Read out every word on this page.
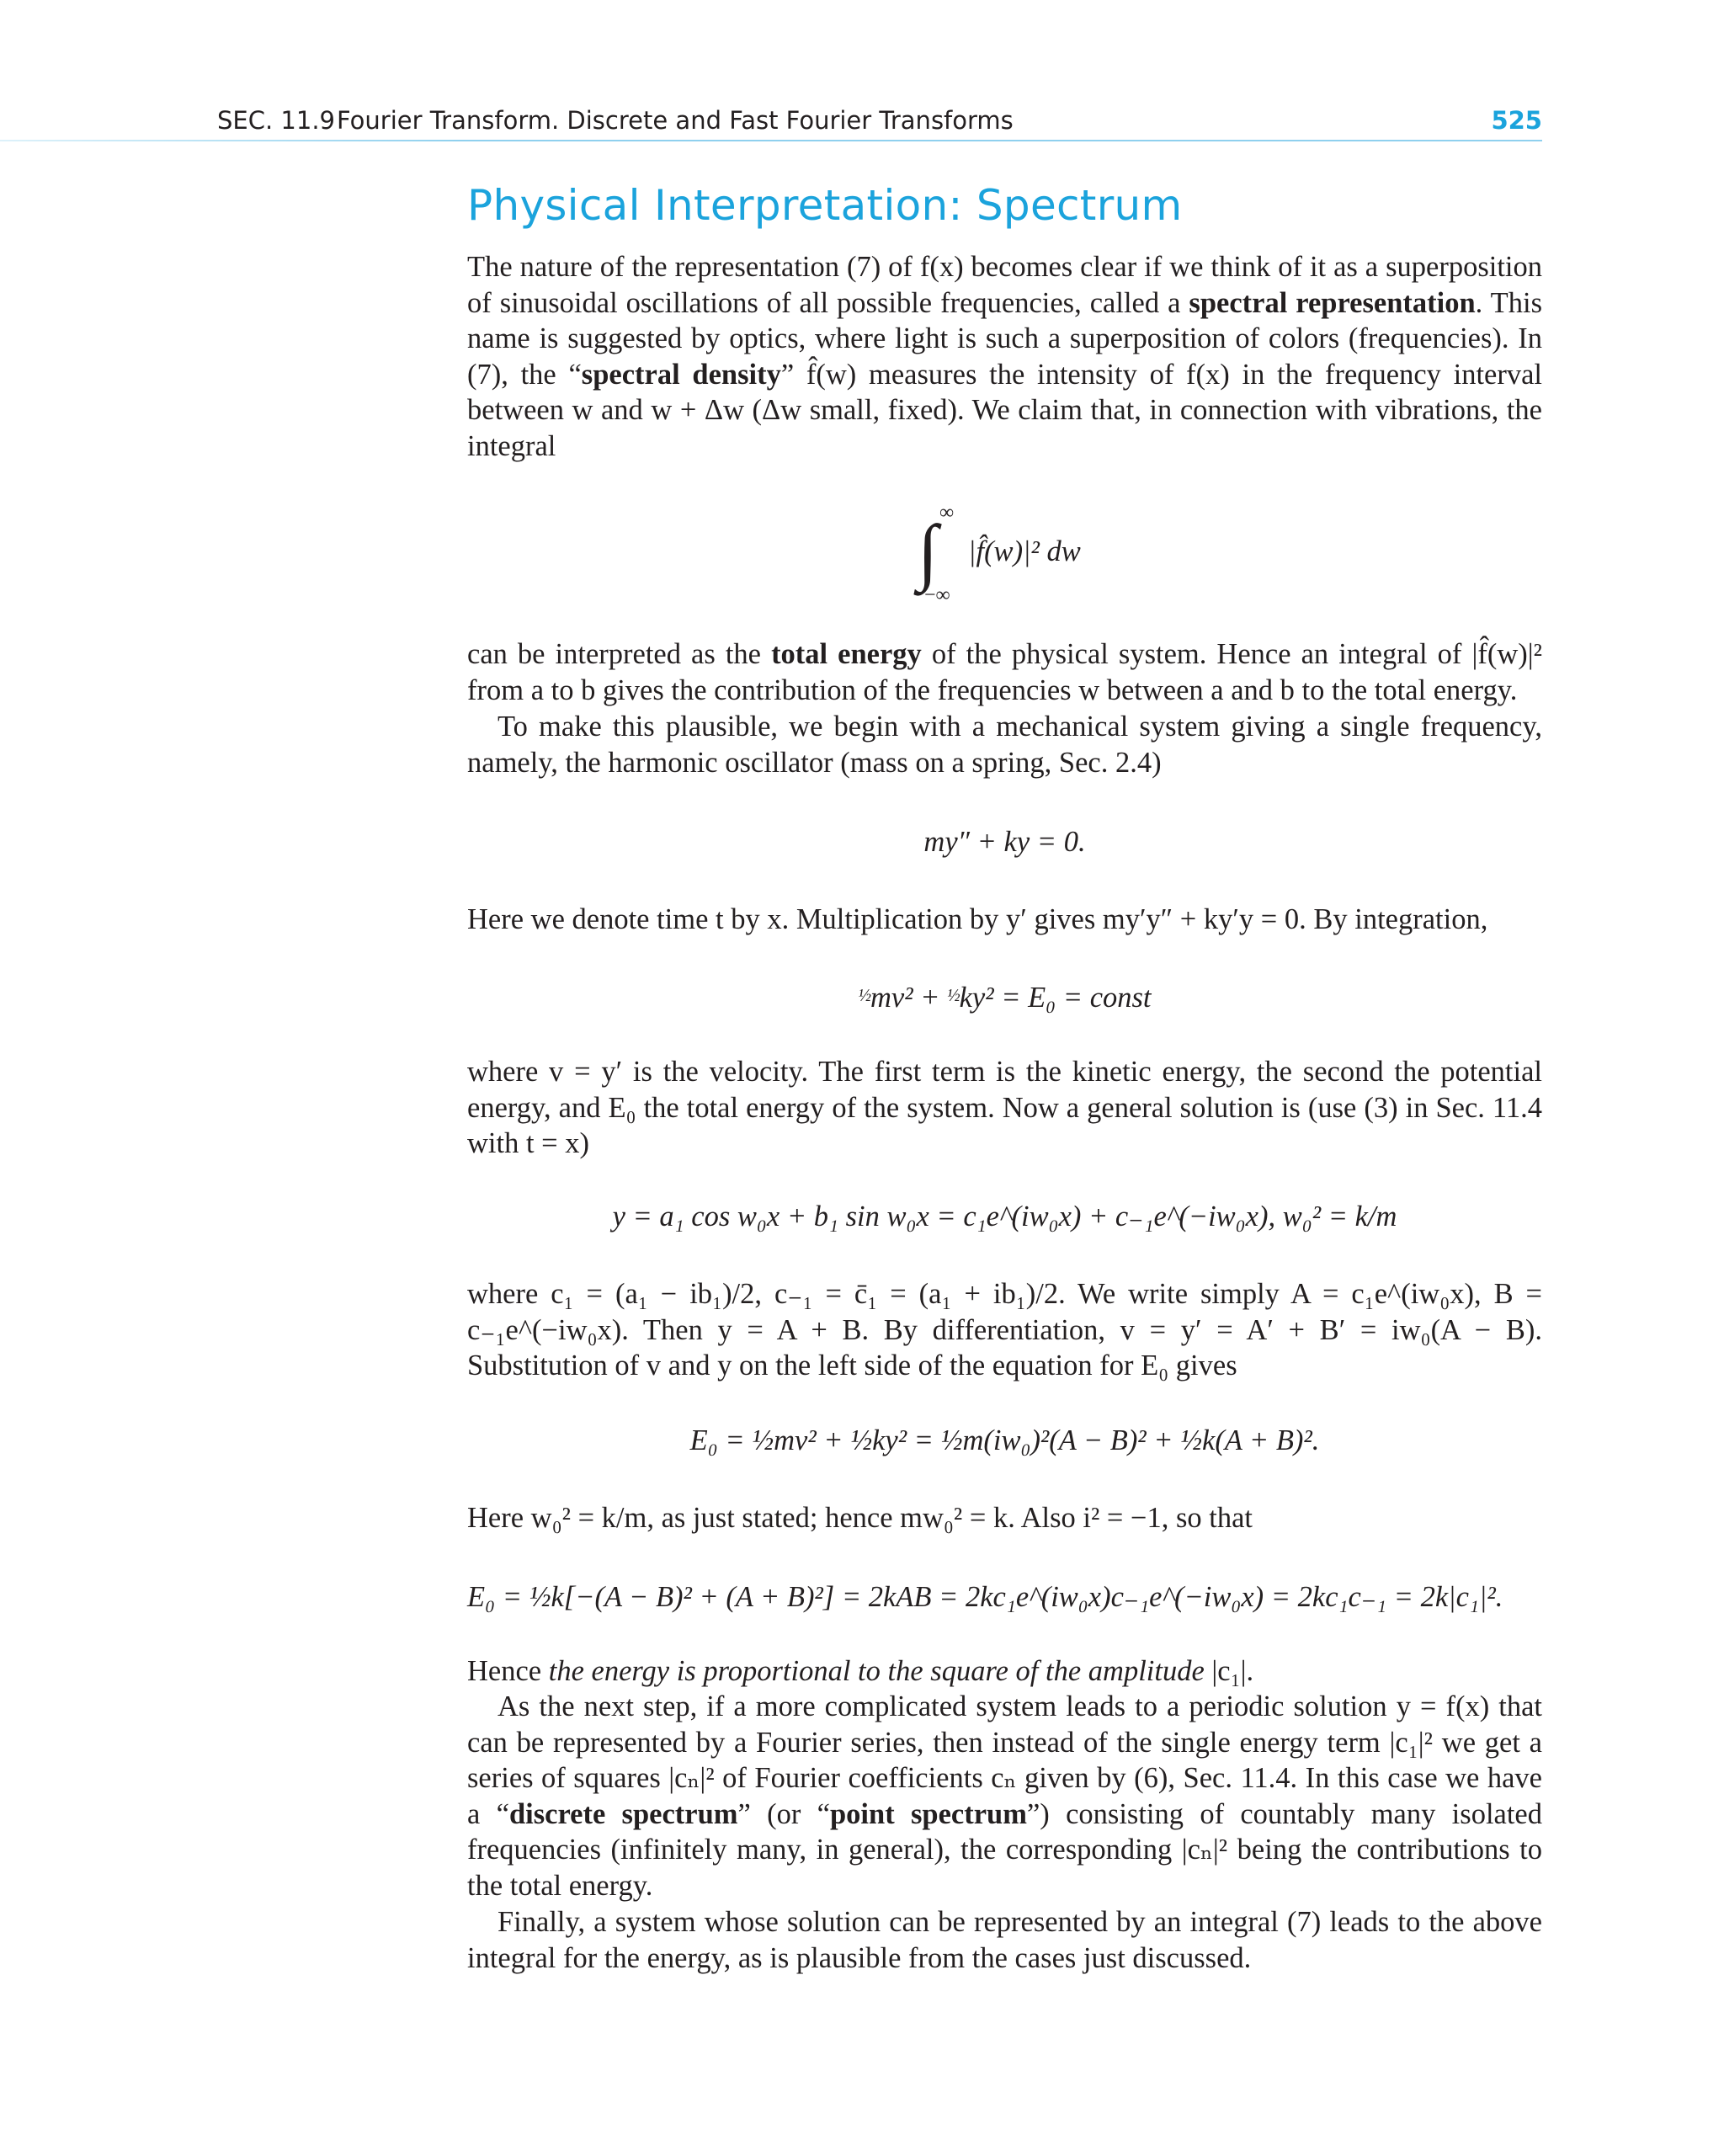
SEC. 11.9 Fourier Transform. Discrete and Fast Fourier Transforms	525
Physical Interpretation: Spectrum

The nature of the representation (7) of f(x) becomes clear if we think of it as a superposition of sinusoidal oscillations of all possible frequencies, called a spectral representation. This name is suggested by optics, where light is such a superposition of colors (frequencies). In (7), the “spectral density” f̂(w) measures the intensity of f(x) in the frequency interval between w and w + Δw (Δw small, fixed). We claim that, in connection with vibrations, the integral

∞
∫
−∞
|f̂(w)|² dw

can be interpreted as the total energy of the physical system. Hence an integral of |f̂(w)|² from a to b gives the contribution of the frequencies w between a and b to the total energy.

To make this plausible, we begin with a mechanical system giving a single frequency, namely, the harmonic oscillator (mass on a spring, Sec. 2.4)

my″ + ky = 0.

Here we denote time t by x. Multiplication by y′ gives my′y″ + ky′y = 0. By integration,

½mv² + ½ky² = E₀ = const

where v = y′ is the velocity. The first term is the kinetic energy, the second the potential energy, and E₀ the total energy of the system. Now a general solution is (use (3) in Sec. 11.4 with t = x)

y = a₁ cos w₀x + b₁ sin w₀x = c₁e^(iw₀x) + c₋₁e^(−iw₀x), w₀² = k/m

where c₁ = (a₁ − ib₁)/2, c₋₁ = c̄₁ = (a₁ + ib₁)/2. We write simply A = c₁e^(iw₀x), B = c₋₁e^(−iw₀x). Then y = A + B. By differentiation, v = y′ = A′ + B′ = iw₀(A − B). Substitution of v and y on the left side of the equation for E₀ gives

E₀ = ½mv² + ½ky² = ½m(iw₀)²(A − B)² + ½k(A + B)².

Here w₀² = k/m, as just stated; hence mw₀² = k. Also i² = −1, so that

E₀ = ½k[−(A − B)² + (A + B)²] = 2kAB = 2kc₁e^(iw₀x)c₋₁e^(−iw₀x) = 2kc₁c₋₁ = 2k|c₁|².

Hence the energy is proportional to the square of the amplitude |c₁|.

As the next step, if a more complicated system leads to a periodic solution y = f(x) that can be represented by a Fourier series, then instead of the single energy term |c₁|² we get a series of squares |cₙ|² of Fourier coefficients cₙ given by (6), Sec. 11.4. In this case we have a “discrete spectrum” (or “point spectrum”) consisting of countably many isolated frequencies (infinitely many, in general), the corresponding |cₙ|² being the contributions to the total energy.

Finally, a system whose solution can be represented by an integral (7) leads to the above integral for the energy, as is plausible from the cases just discussed.
